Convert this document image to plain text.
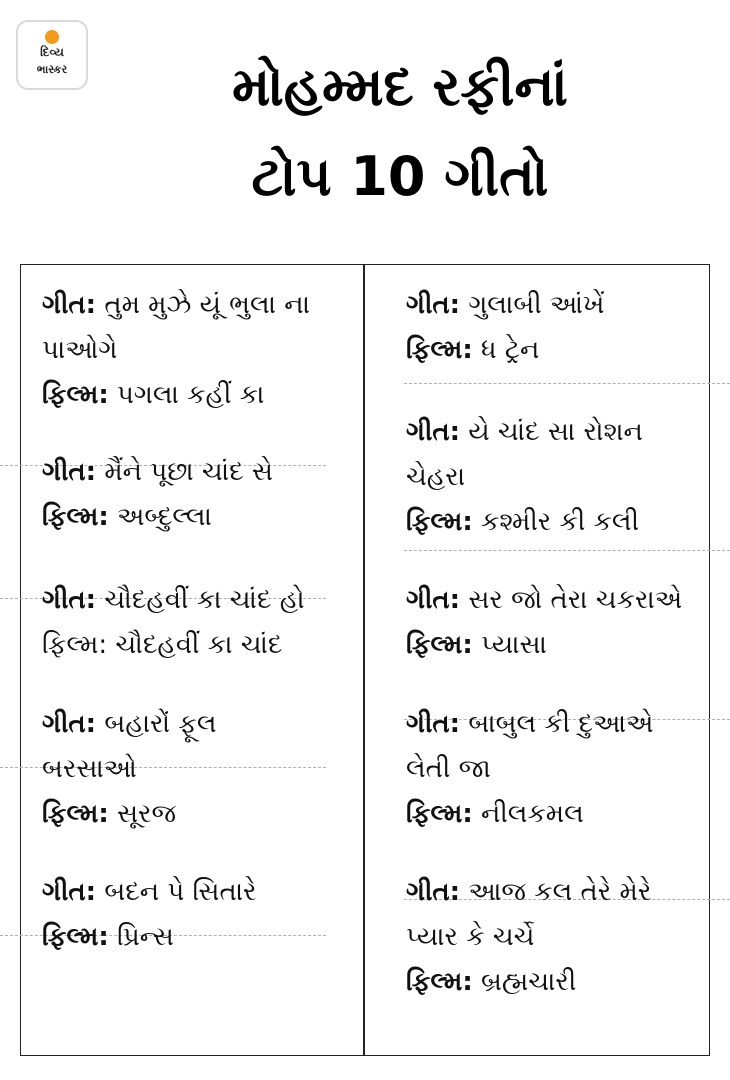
દિવ્ય
ભાસ્કર	મોહમ્મદ રફીનાં
ટોપ 10 ગીતો

ગીત: તુમ મુઝે યૂં ભુલા ના

પાઓગે

ફિલ્મ: પગલા કહીં કા

ગીત: મૈંને પૂછા ચાંદ સે

ફિલ્મ: અબ્દુલ્લા

ગીત: ચૌદહવીં કા ચાંદ હો

ફિલ્મ: ચૌદહવીં કા ચાંદ

ગીત: બહારોં ફૂલ

બરસાઓ

ફિલ્મ: સૂરજ

ગીત: બદન પે સિતારે

ફિલ્મ: પ્રિન્સ

ગીત: ગુલાબી આંખેં

ફિલ્મ: ધ ટ્રેન

ગીત: યે ચાંદ સા રોશન

ચેહરા

ફિલ્મ: કશ્મીર કી કલી

ગીત: સર જો તેરા ચકરાએ

ફિલ્મ: પ્યાસા

ગીત: બાબુલ કી દુઆએ

લેતી જા

ફિલ્મ: નીલકમલ

ગીત: આજ કલ તેરે મેરે

પ્યાર કે ચર્ચે

ફિલ્મ: બ્રહ્મચારી
